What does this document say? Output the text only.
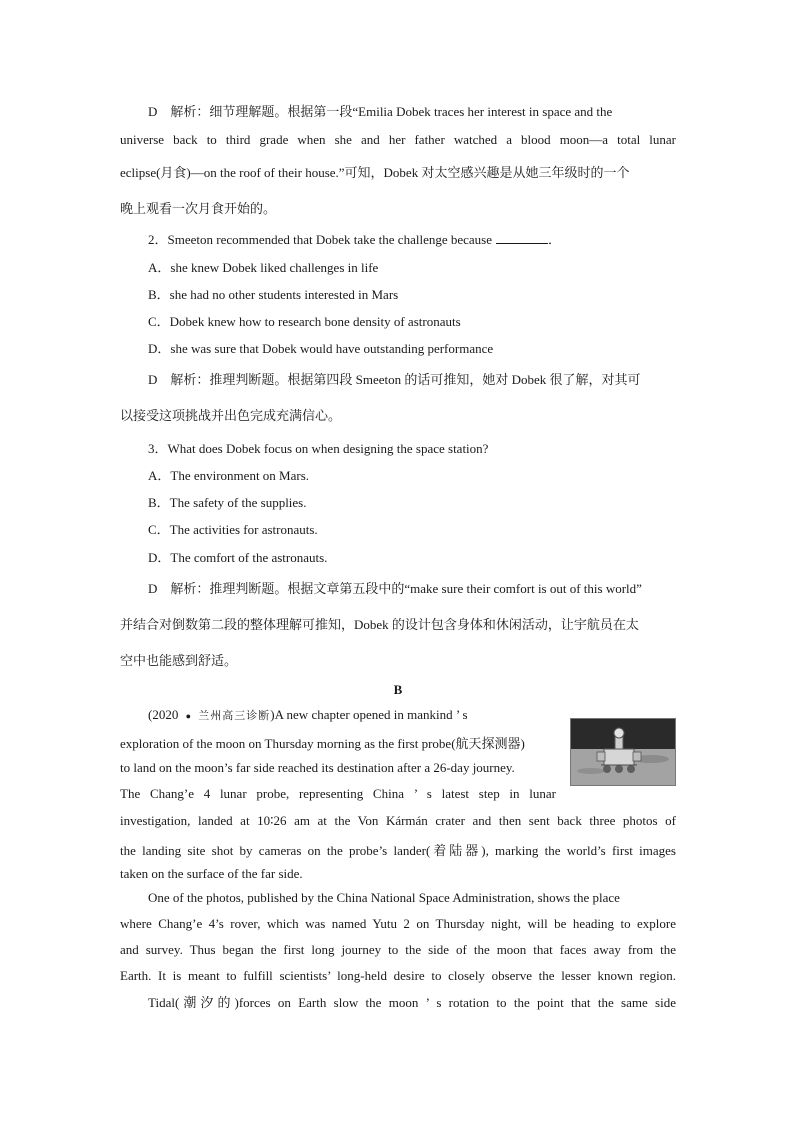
D　解析：细节理解题。根据第一段“Emilia Dobek traces her interest in space and the
universe back to third grade when she and her father watched a blood moon—a total lunar
eclipse(月食)—on the roof of their house.”可知，Dobek 对太空感兴趣是从她三年级时的一个
晚上观看一次月食开始的。
2．Smeeton recommended that Dobek take the challenge because	．
A．she knew Dobek liked challenges in life
B．she had no other students interested in Mars
C．Dobek knew how to research bone density of astronauts
D．she was sure that Dobek would have outstanding performance
D　解析：推理判断题。根据第四段 Smeeton 的话可推知，她对 Dobek 很了解，对其可
以接受这项挑战并出色完成充满信心。
3．What does Dobek focus on when designing the space station?
A．The environment on Mars.
B．The safety of the supplies.
C．The activities for astronauts.
D．The comfort of the astronauts.
D　解析：推理判断题。根据文章第五段中的“make sure their comfort is out of this world”
并结合对倒数第二段的整体理解可推知，Dobek 的设计包含身体和休闲活动，让宇航员在太
空中也能感到舒适。
B
(2020 ● 兰州高三诊断)A new chapter opened in mankind ’ s
exploration of the moon on Thursday morning as the first probe(航天探测器)
to land on the moon’s far side reached its destination after a 26-day journey.
The Chang’e 4 lunar probe, representing China ’ s latest step in lunar
investigation, landed at 10∶26 am at the Von Kármán crater and then sent back three photos of
the landing site shot by cameras on the probe’s lander(着陆器), marking the world’s first images
taken on the surface of the far side.
One of the photos, published by the China National Space Administration, shows the place
where Chang’e 4’s rover, which was named Yutu 2 on Thursday night, will be heading to explore
and survey. Thus began the first long journey to the side of the moon that faces away from the
Earth. It is meant to fulfill scientists’ long-held desire to closely observe the lesser known region.
Tidal(潮汐的)forces on Earth slow the moon ’ s rotation to the point that the same side
